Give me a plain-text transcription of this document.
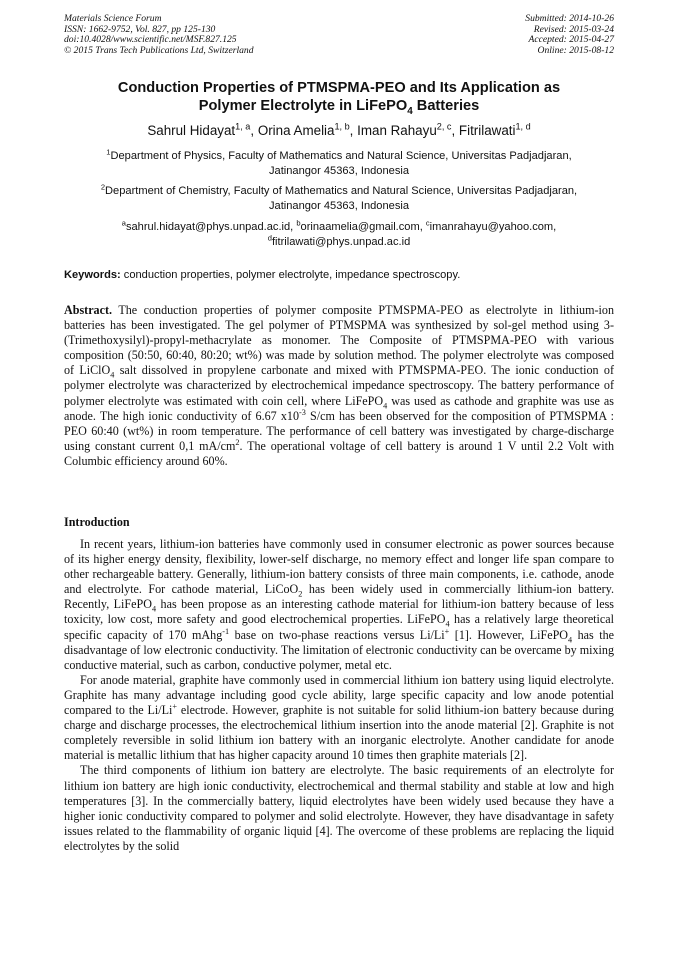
Materials Science Forum
ISSN: 1662-9752, Vol. 827, pp 125-130
doi:10.4028/www.scientific.net/MSF.827.125
© 2015 Trans Tech Publications Ltd, Switzerland
Submitted: 2014-10-26
Revised: 2015-03-24
Accepted: 2015-04-27
Online: 2015-08-12
Conduction Properties of PTMSPMA-PEO and Its Application as
Polymer Electrolyte in LiFePO$_4$ Batteries
Sahrul Hidayat$^{1, a}$, Orina Amelia$^{1, b}$, Iman Rahayu$^{2, c}$, Fitrilawati$^{1, d}$
$^1$Department of Physics, Faculty of Mathematics and Natural Science, Universitas Padjadjaran,
Jatinangor 45363, Indonesia
$^2$Department of Chemistry, Faculty of Mathematics and Natural Science, Universitas Padjadjaran,
Jatinangor 45363, Indonesia
$^a$sahrul.hidayat@phys.unpad.ac.id, $^b$orinaamelia@gmail.com, $^c$imanrahayu@yahoo.com,
$^d$fitrilawati@phys.unpad.ac.id
Keywords: conduction properties, polymer electrolyte, impedance spectroscopy.
Abstract. The conduction properties of polymer composite PTMSPMA-PEO as electrolyte in lithium-ion batteries has been investigated. The gel polymer of PTMSPMA was synthesized by sol-gel method using 3-(Trimethoxysilyl)-propyl-methacrylate as monomer. The Composite of PTMSPMA-PEO with various composition (50:50, 60:40, 80:20; wt%) was made by solution method. The polymer electrolyte was composed of LiClO$_4$ salt dissolved in propylene carbonate and mixed with PTMSPMA-PEO. The ionic conduction of polymer electrolyte was characterized by electrochemical impedance spectroscopy. The battery performance of polymer electrolyte was estimated with coin cell, where LiFePO$_4$ was used as cathode and graphite was use as anode. The high ionic conductivity of 6.67 $x10^{-3}$ S/cm has been observed for the composition of PTMSPMA : PEO 60:40 (wt%) in room temperature. The performance of cell battery was investigated by charge-discharge using constant current 0,1 $mA/cm^2$. The operational voltage of cell battery is around 1 V until 2.2 Volt with Columbic efficiency around 60%.
Introduction

In recent years, lithium-ion batteries have commonly used in consumer electronic as power sources because of its higher energy density, flexibility, lower-self discharge, no memory effect and longer life span compare to other rechargeable battery. Generally, lithium-ion battery consists of three main components, i.e. cathode, anode and electrolyte. For cathode material, LiCoO$_2$ has been widely used in commercially lithium-ion battery. Recently, LiFePO$_4$ has been propose as an interesting cathode material for lithium-ion battery because of less toxicity, low cost, more safety and good electrochemical properties. LiFePO$_4$ has a relatively large theoretical specific capacity of 170 mAhg$^{-1}$ base on two-phase reactions versus Li/Li+ [1]. However, LiFePO$_4$ has the disadvantage of low electronic conductivity. The limitation of electronic conductivity can be overcame by mixing conductive material, such as carbon, conductive polymer, metal etc.

For anode material, graphite have commonly used in commercial lithium ion battery using liquid electrolyte. Graphite has many advantage including good cycle ability, large specific capacity and low anode potential compared to the Li/Li+ electrode. However, graphite is not suitable for solid lithium-ion battery because during charge and discharge processes, the electrochemical lithium insertion into the anode material [2]. Graphite is not completely reversible in solid lithium ion battery with an inorganic electrolyte. Another candidate for anode material is metallic lithium that has higher capacity around 10 times then graphite materials [2].

The third components of lithium ion battery are electrolyte. The basic requirements of an electrolyte for lithium ion battery are high ionic conductivity, electrochemical and thermal stability and stable at low and high temperatures [3]. In the commercially battery, liquid electrolytes have been widely used because they have a higher ionic conductivity compared to polymer and solid electrolyte. However, they have disadvantage in safety issues related to the flammability of organic liquid [4]. The overcome of these problems are replacing the liquid electrolytes by the solid
